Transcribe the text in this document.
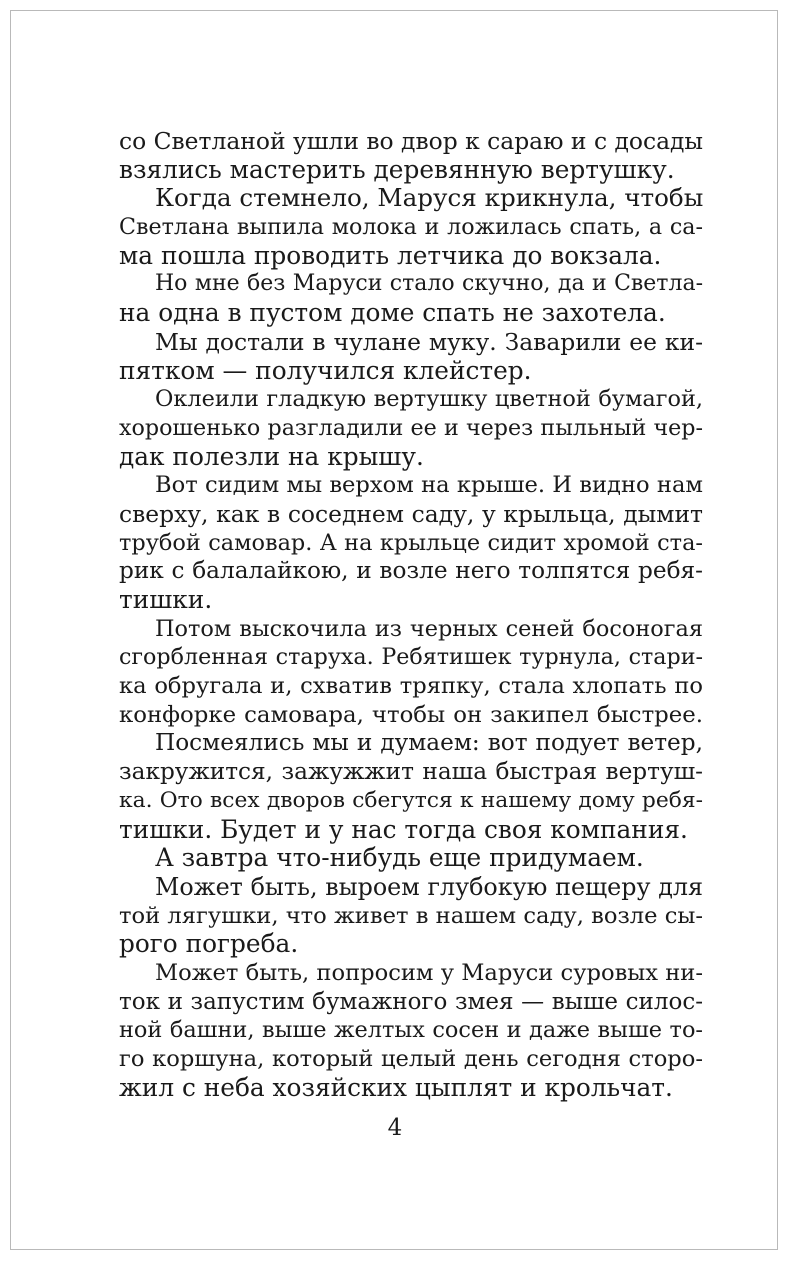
со Светланой ушли во двор к сараю и с досады
взялись мастерить деревянную вертушку.
Когда стемнело, Маруся крикнула, чтобы
Светлана выпила молока и ложилась спать, а са-
ма пошла проводить летчика до вокзала.
Но мне без Маруси стало скучно, да и Светла-
на одна в пустом доме спать не захотела.
Мы достали в чулане муку. Заварили ее ки-
пятком — получился клейстер.
Оклеили гладкую вертушку цветной бумагой,
хорошенько разгладили ее и через пыльный чер-
дак полезли на крышу.
Вот сидим мы верхом на крыше. И видно нам
сверху, как в соседнем саду, у крыльца, дымит
трубой самовар. А на крыльце сидит хромой ста-
рик с балалайкою, и возле него толпятся ребя-
тишки.
Потом выскочила из черных сеней босоногая
сгорбленная старуха. Ребятишек турнула, стари-
ка обругала и, схватив тряпку, стала хлопать по
конфорке самовара, чтобы он закипел быстрее.
Посмеялись мы и думаем: вот подует ветер,
закружится, зажужжит наша быстрая вертуш-
ка. Ото всех дворов сбегутся к нашему дому ребя-
тишки. Будет и у нас тогда своя компания.
А завтра что-нибудь еще придумаем.
Может быть, выроем глубокую пещеру для
той лягушки, что живет в нашем саду, возле сы-
рого погреба.
Может быть, попросим у Маруси суровых ни-
ток и запустим бумажного змея — выше силос-
ной башни, выше желтых сосен и даже выше то-
го коршуна, который целый день сегодня сторо-
жил с неба хозяйских цыплят и крольчат.
4
